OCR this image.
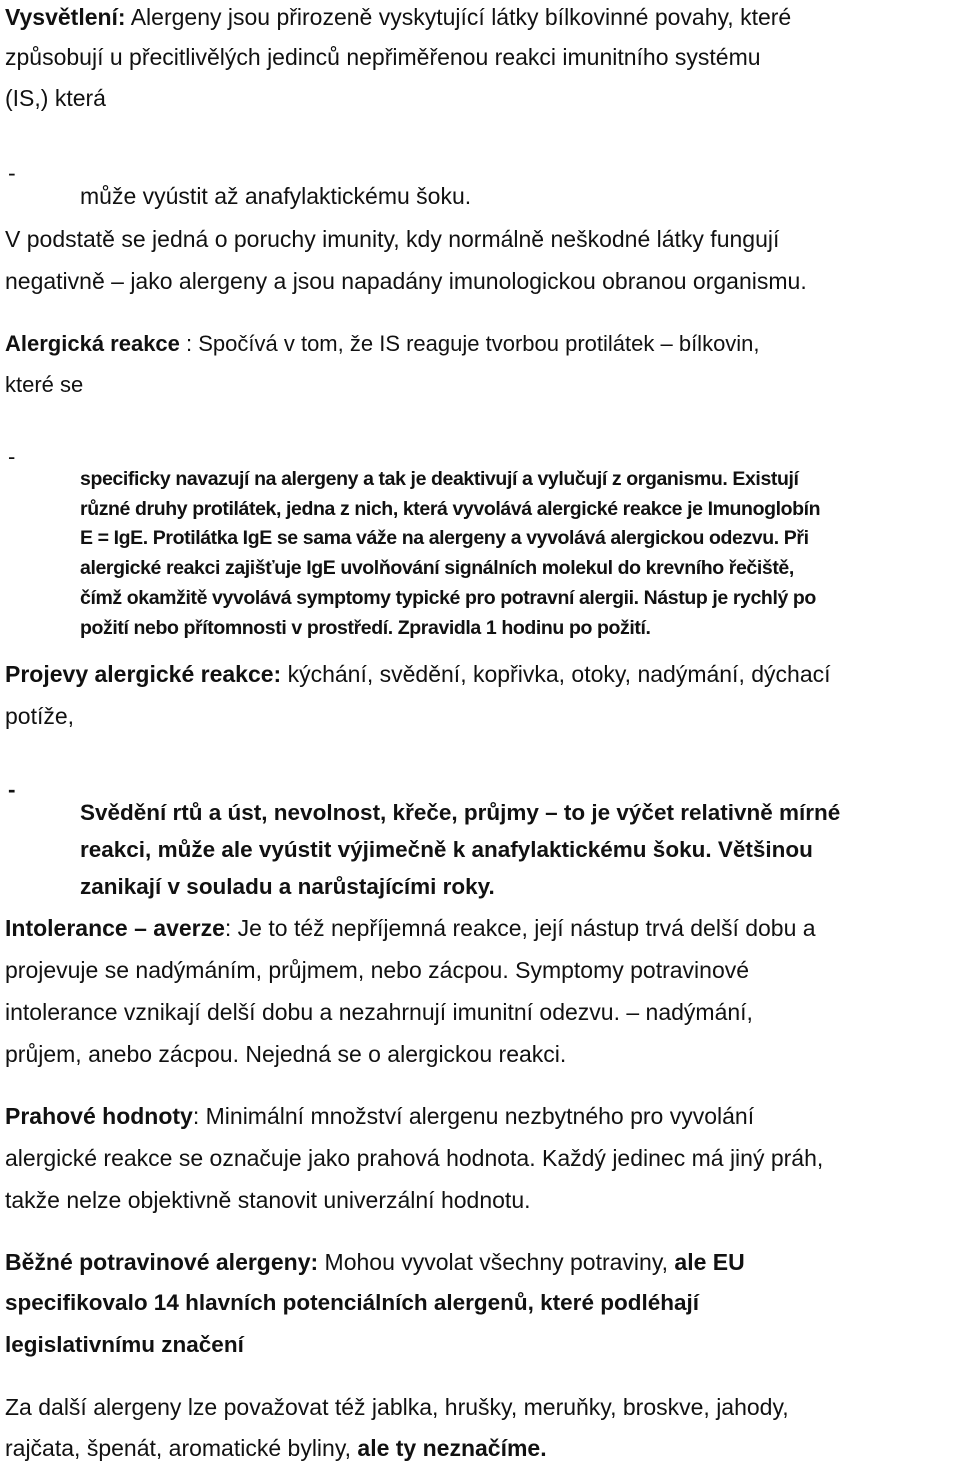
Vysvětlení: Alergeny jsou přirozeně vyskytující látky bílkovinné povahy, které

způsobují u přecitlivělých jedinců nepřiměřenou reakci imunitního systému

(IS,) která

-

může vyústit až anafylaktickému šoku.

V podstatě se jedná o poruchy imunity, kdy normálně neškodné látky fungují

negativně – jako alergeny a jsou napadány imunologickou obranou organismu.

Alergická reakce : Spočívá v tom, že IS reaguje tvorbou protilátek – bílkovin,

které se

-

specificky navazují na alergeny a tak je deaktivují a vylučují z organismu. Existují

různé druhy protilátek, jedna z nich, která vyvolává alergické reakce je Imunoglobín

E = IgE. Protilátka IgE se sama váže na alergeny a vyvolává alergickou odezvu. Při

alergické reakci zajišťuje IgE uvolňování signálních molekul do krevního řečiště,

čímž okamžitě vyvolává symptomy typické pro potravní alergii. Nástup je rychlý po

požití nebo přítomnosti v prostředí. Zpravidla 1 hodinu po požití.

Projevy alergické reakce: kýchání, svědění, kopřivka, otoky, nadýmání, dýchací

potíže,

-

Svědění rtů a úst, nevolnost, křeče, průjmy – to je výčet relativně mírné

reakci, může ale vyústit výjimečně k anafylaktickému šoku. Většinou

zanikají v souladu a narůstajícími roky.

Intolerance – averze: Je to též nepříjemná reakce, její nástup trvá delší dobu a

projevuje se nadýmáním, průjmem, nebo zácpou. Symptomy potravinové

intolerance vznikají delší dobu a nezahrnují imunitní odezvu. – nadýmání,

průjem, anebo zácpou. Nejedná se o alergickou reakci.

Prahové hodnoty: Minimální množství alergenu nezbytného pro vyvolání

alergické reakce se označuje jako prahová hodnota. Každý jedinec má jiný práh,

takže nelze objektivně stanovit univerzální hodnotu.

Běžné potravinové alergeny: Mohou vyvolat všechny potraviny, ale EU

specifikovalo 14 hlavních potenciálních alergenů, které podléhají

legislativnímu značení

Za další alergeny lze považovat též jablka, hrušky, meruňky, broskve, jahody,

rajčata, špenát, aromatické byliny, ale ty neznačíme.
